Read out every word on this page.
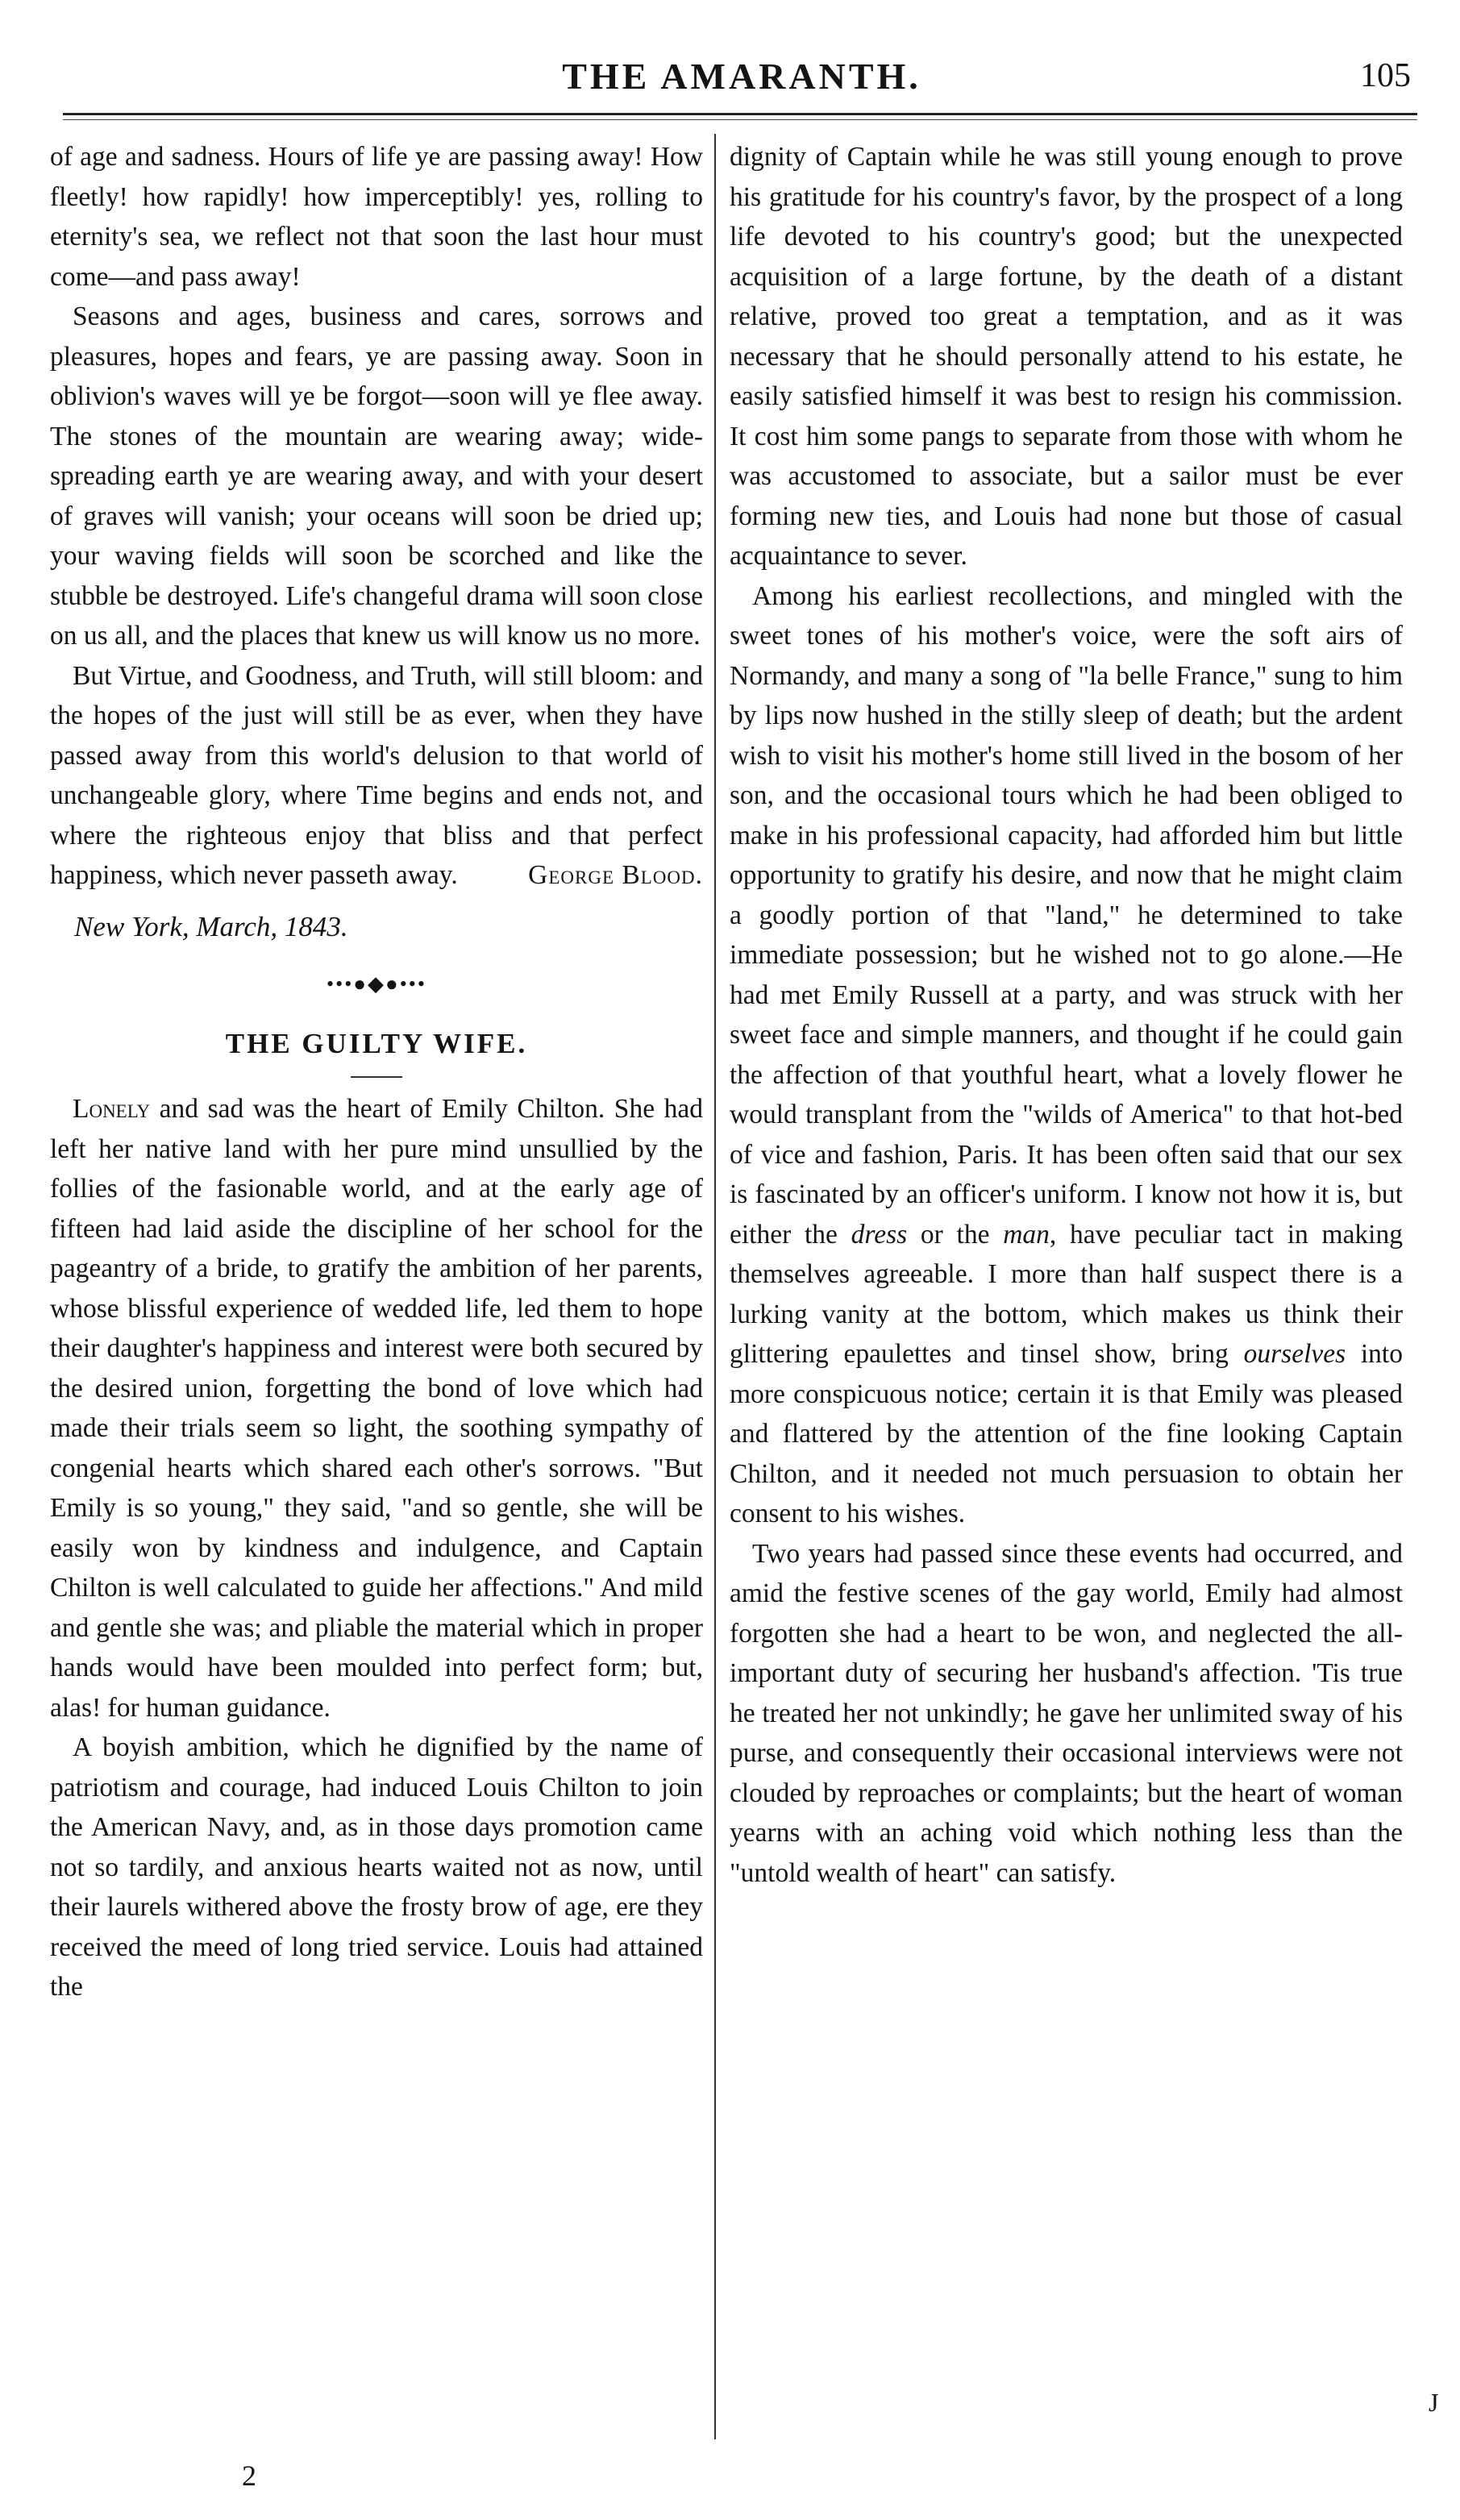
THE AMARANTH.	105

of age and sadness. Hours of life ye are passing away! How fleetly! how rapidly! how imperceptibly! yes, rolling to eternity's sea, we reflect not that soon the last hour must come—and pass away!

Seasons and ages, business and cares, sorrows and pleasures, hopes and fears, ye are passing away. Soon in oblivion's waves will ye be forgot—soon will ye flee away. The stones of the mountain are wearing away; wide-spreading earth ye are wearing away, and with your desert of graves will vanish; your oceans will soon be dried up; your waving fields will soon be scorched and like the stubble be destroyed. Life's changeful drama will soon close on us all, and the places that knew us will know us no more.

But Virtue, and Goodness, and Truth, will still bloom: and the hopes of the just will still be as ever, when they have passed away from this world's delusion to that world of unchangeable glory, where Time begins and ends not, and where the righteous enjoy that bliss and that perfect happiness, which never passeth away.	George Blood.

New York, March, 1843.
•••●◆●•••
THE GUILTY WIFE.

Lonely and sad was the heart of Emily Chilton. She had left her native land with her pure mind unsullied by the follies of the fasionable world, and at the early age of fifteen had laid aside the discipline of her school for the pageantry of a bride, to gratify the ambition of her parents, whose blissful experience of wedded life, led them to hope their daughter's happiness and interest were both secured by the desired union, forgetting the bond of love which had made their trials seem so light, the soothing sympathy of congenial hearts which shared each other's sorrows. "But Emily is so young," they said, "and so gentle, she will be easily won by kindness and indulgence, and Captain Chilton is well calculated to guide her affections." And mild and gentle she was; and pliable the material which in proper hands would have been moulded into perfect form; but, alas! for human guidance.

A boyish ambition, which he dignified by the name of patriotism and courage, had induced Louis Chilton to join the American Navy, and, as in those days promotion came not so tardily, and anxious hearts waited not as now, until their laurels withered above the frosty brow of age, ere they received the meed of long tried service. Louis had attained the

dignity of Captain while he was still young enough to prove his gratitude for his country's favor, by the prospect of a long life devoted to his country's good; but the unexpected acquisition of a large fortune, by the death of a distant relative, proved too great a temptation, and as it was necessary that he should personally attend to his estate, he easily satisfied himself it was best to resign his commission. It cost him some pangs to separate from those with whom he was accustomed to associate, but a sailor must be ever forming new ties, and Louis had none but those of casual acquaintance to sever.

Among his earliest recollections, and mingled with the sweet tones of his mother's voice, were the soft airs of Normandy, and many a song of "la belle France," sung to him by lips now hushed in the stilly sleep of death; but the ardent wish to visit his mother's home still lived in the bosom of her son, and the occasional tours which he had been obliged to make in his professional capacity, had afforded him but little opportunity to gratify his desire, and now that he might claim a goodly portion of that "land," he determined to take immediate possession; but he wished not to go alone.—He had met Emily Russell at a party, and was struck with her sweet face and simple manners, and thought if he could gain the affection of that youthful heart, what a lovely flower he would transplant from the "wilds of America" to that hot-bed of vice and fashion, Paris. It has been often said that our sex is fascinated by an officer's uniform. I know not how it is, but either the dress or the man, have peculiar tact in making themselves agreeable. I more than half suspect there is a lurking vanity at the bottom, which makes us think their glittering epaulettes and tinsel show, bring ourselves into more conspicuous notice; certain it is that Emily was pleased and flattered by the attention of the fine looking Captain Chilton, and it needed not much persuasion to obtain her consent to his wishes.

Two years had passed since these events had occurred, and amid the festive scenes of the gay world, Emily had almost forgotten she had a heart to be won, and neglected the all-important duty of securing her husband's affection. 'Tis true he treated her not unkindly; he gave her unlimited sway of his purse, and consequently their occasional interviews were not clouded by reproaches or complaints; but the heart of woman yearns with an aching void which nothing less than the "untold wealth of heart" can satisfy.

2
J
